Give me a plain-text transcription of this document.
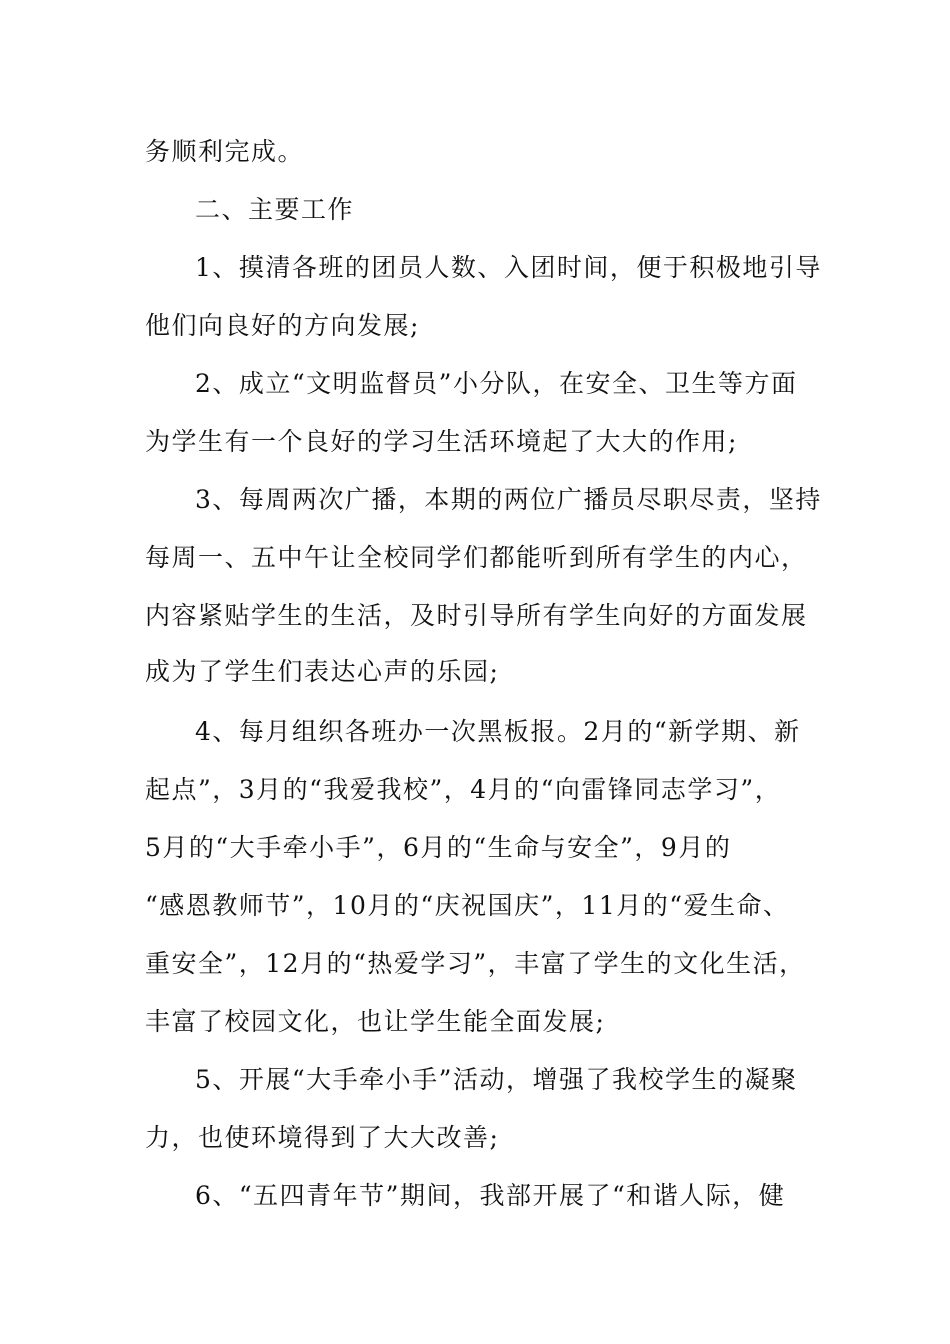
务顺利完成。
二、主要工作
1、摸清各班的团员人数、入团时间，便于积极地引导
他们向良好的方向发展;
2、成立“文明监督员”小分队，在安全、卫生等方面
为学生有一个良好的学习生活环境起了大大的作用;
3、每周两次广播，本期的两位广播员尽职尽责，坚持
每周一、五中午让全校同学们都能听到所有学生的内心，
内容紧贴学生的生活，及时引导所有学生向好的方面发展
成为了学生们表达心声的乐园;
4、每月组织各班办一次黑板报。2月的“新学期、新
起点”，3月的“我爱我校”，4月的“向雷锋同志学习”，
5月的“大手牵小手”，6月的“生命与安全”，9月的
“感恩教师节”，10月的“庆祝国庆”，11月的“爱生命、
重安全”，12月的“热爱学习”，丰富了学生的文化生活，
丰富了校园文化，也让学生能全面发展;
5、开展“大手牵小手”活动，增强了我校学生的凝聚
力，也使环境得到了大大改善;
6、“五四青年节”期间，我部开展了“和谐人际，健
